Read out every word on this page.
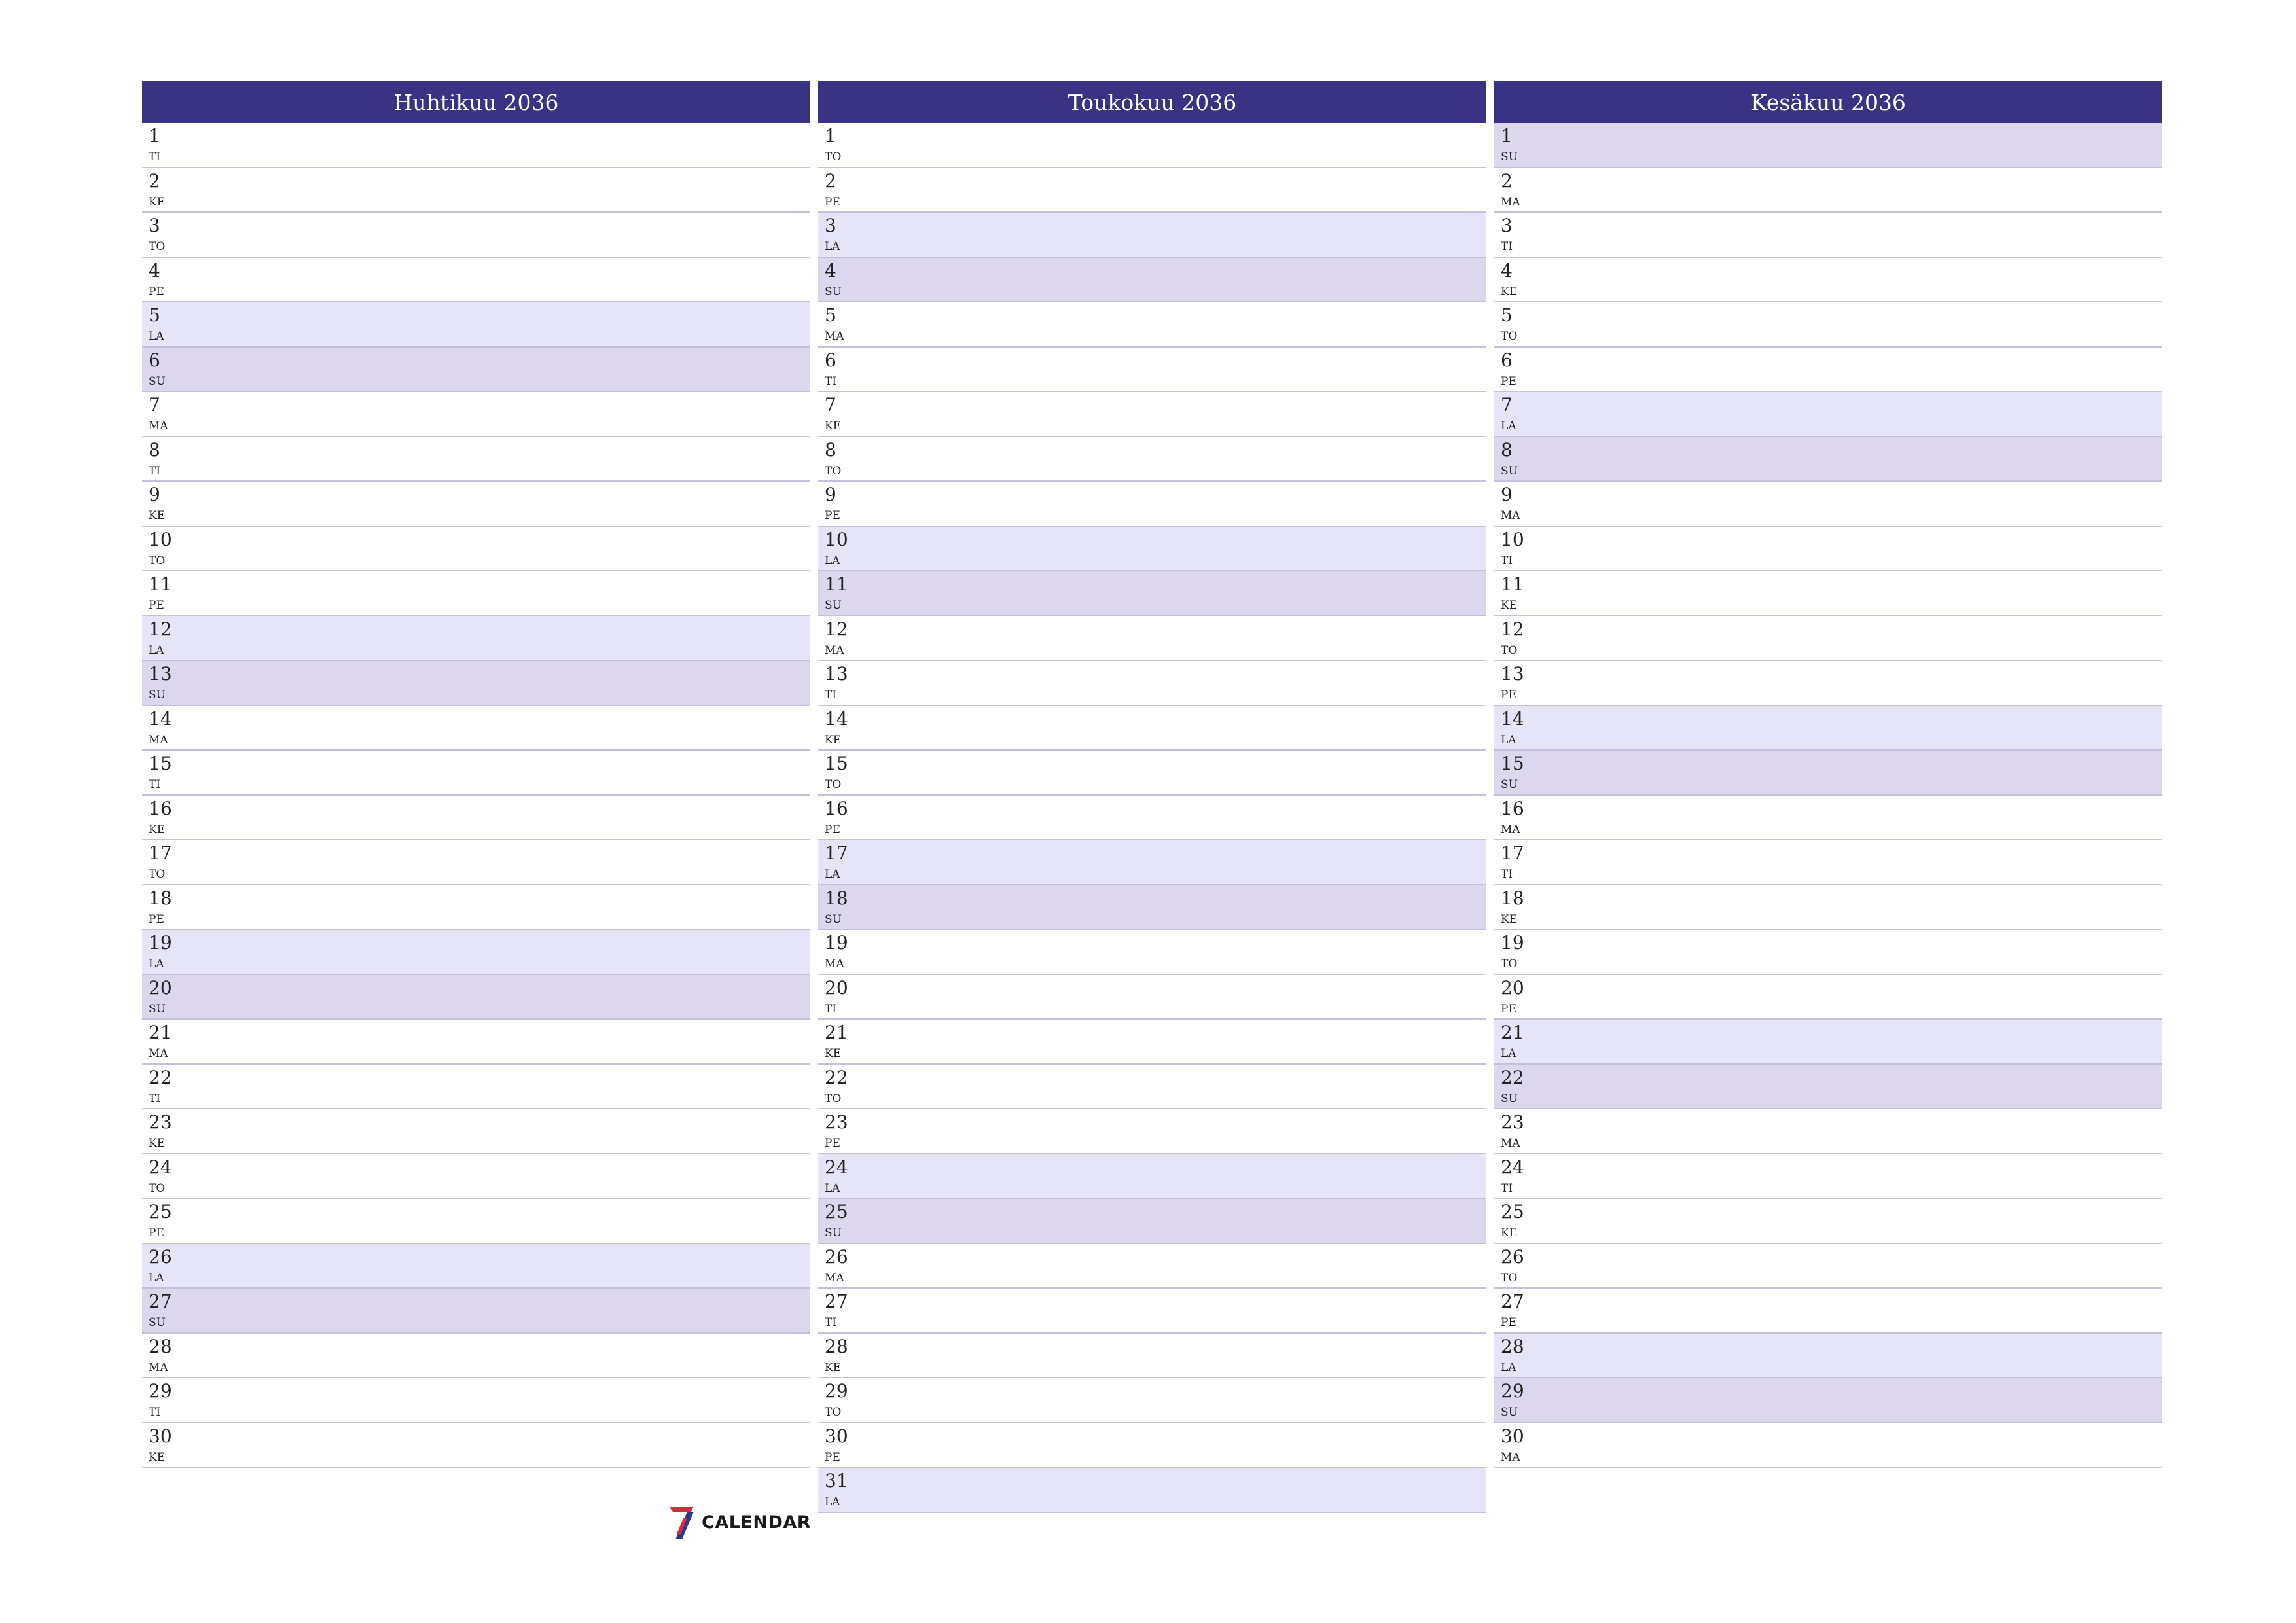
Huhtikuu 2036
1
TI
2
KE
3
TO
4
PE
5
LA
6
SU
7
MA
8
TI
9
KE
10
TO
11
PE
12
LA
13
SU
14
MA
15
TI
16
KE
17
TO
18
PE
19
LA
20
SU
21
MA
22
TI
23
KE
24
TO
25
PE
26
LA
27
SU
28
MA
29
TI
30
KE
Toukokuu 2036
1
TO
2
PE
3
LA
4
SU
5
MA
6
TI
7
KE
8
TO
9
PE
10
LA
11
SU
12
MA
13
TI
14
KE
15
TO
16
PE
17
LA
18
SU
19
MA
20
TI
21
KE
22
TO
23
PE
24
LA
25
SU
26
MA
27
TI
28
KE
29
TO
30
PE
31
LA
Kesäkuu 2036
1
SU
2
MA
3
TI
4
KE
5
TO
6
PE
7
LA
8
SU
9
MA
10
TI
11
KE
12
TO
13
PE
14
LA
15
SU
16
MA
17
TI
18
KE
19
TO
20
PE
21
LA
22
SU
23
MA
24
TI
25
KE
26
TO
27
PE
28
LA
29
SU
30
MA
CALENDAR
